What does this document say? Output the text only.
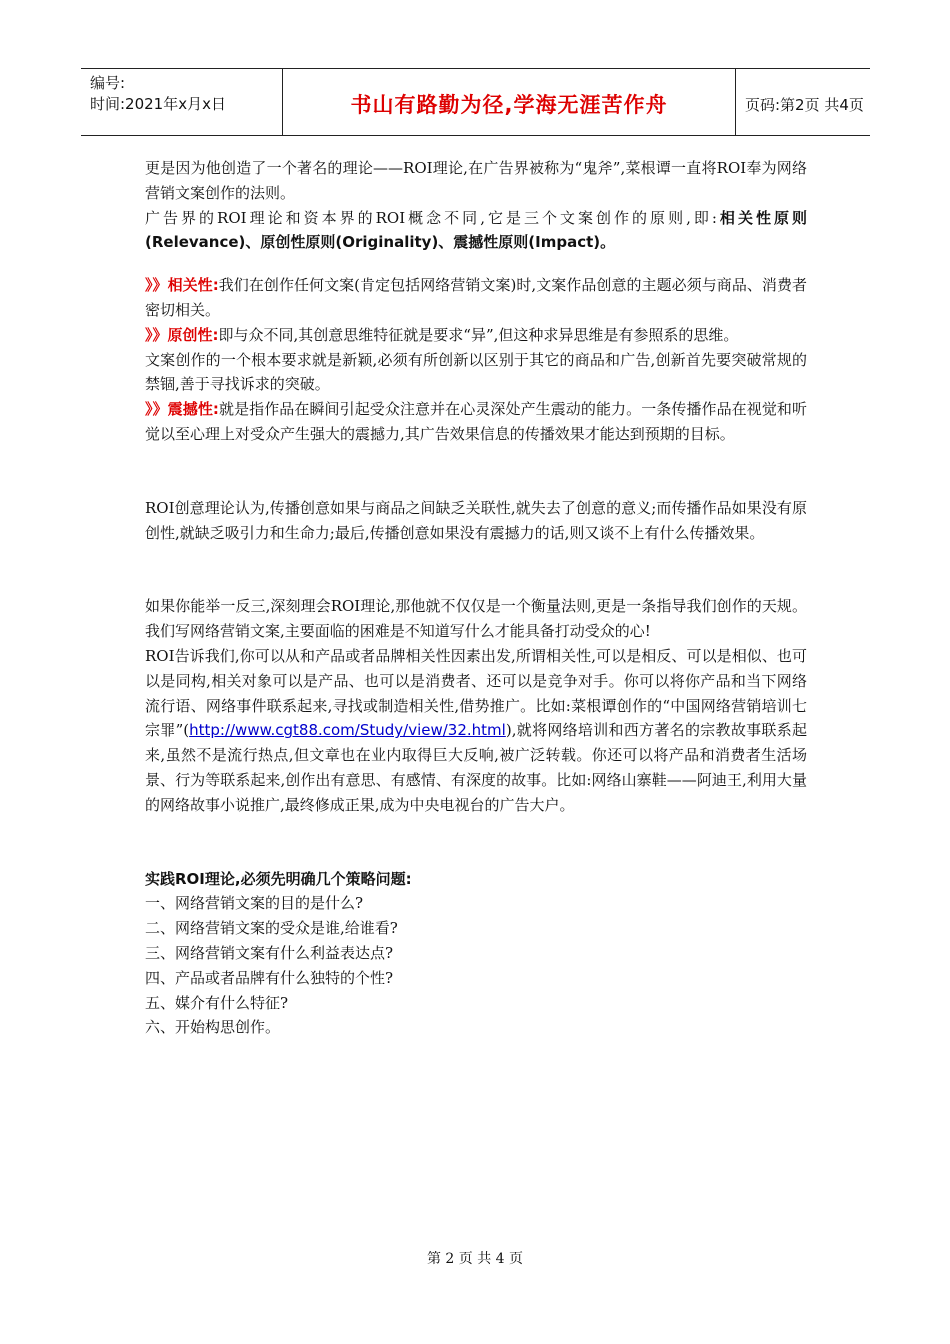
编号:
时间:2021年x月x日	书山有路勤为径,学海无涯苦作舟	页码:第2页 共4页

更是因为他创造了一个著名的理论——ROI理论,在广告界被称为“鬼斧”,菜根谭一直将ROI奉为网络营销文案创作的法则。

广告界的ROI理论和资本界的ROI概念不同,它是三个文案创作的原则,即:相关性原则(Relevance)、原创性原则(Originality)、震撼性原则(Impact)。

》》相关性:我们在创作任何文案(肯定包括网络营销文案)时,文案作品创意的主题必须与商品、消费者密切相关。

》》原创性:即与众不同,其创意思维特征就是要求“异”,但这种求异思维是有参照系的思维。

文案创作的一个根本要求就是新颖,必须有所创新以区别于其它的商品和广告,创新首先要突破常规的禁锢,善于寻找诉求的突破。

》》震撼性:就是指作品在瞬间引起受众注意并在心灵深处产生震动的能力。一条传播作品在视觉和听觉以至心理上对受众产生强大的震撼力,其广告效果信息的传播效果才能达到预期的目标。

ROI创意理论认为,传播创意如果与商品之间缺乏关联性,就失去了创意的意义;而传播作品如果没有原创性,就缺乏吸引力和生命力;最后,传播创意如果没有震撼力的话,则又谈不上有什么传播效果。

如果你能举一反三,深刻理会ROI理论,那他就不仅仅是一个衡量法则,更是一条指导我们创作的天规。我们写网络营销文案,主要面临的困难是不知道写什么才能具备打动受众的心!

ROI告诉我们,你可以从和产品或者品牌相关性因素出发,所谓相关性,可以是相反、可以是相似、也可以是同构,相关对象可以是产品、也可以是消费者、还可以是竞争对手。你可以将你产品和当下网络流行语、网络事件联系起来,寻找或制造相关性,借势推广。比如:菜根谭创作的“中国网络营销培训七宗罪”(http://www.cgt88.com/Study/view/32.html),就将网络培训和西方著名的宗教故事联系起来,虽然不是流行热点,但文章也在业内取得巨大反响,被广泛转载。你还可以将产品和消费者生活场景、行为等联系起来,创作出有意思、有感情、有深度的故事。比如:网络山寨鞋——阿迪王,利用大量的网络故事小说推广,最终修成正果,成为中央电视台的广告大户。

实践ROI理论,必须先明确几个策略问题:

一、网络营销文案的目的是什么?

二、网络营销文案的受众是谁,给谁看?

三、网络营销文案有什么利益表达点?

四、产品或者品牌有什么独特的个性?

五、媒介有什么特征?

六、开始构思创作。

第 2 页 共 4 页
